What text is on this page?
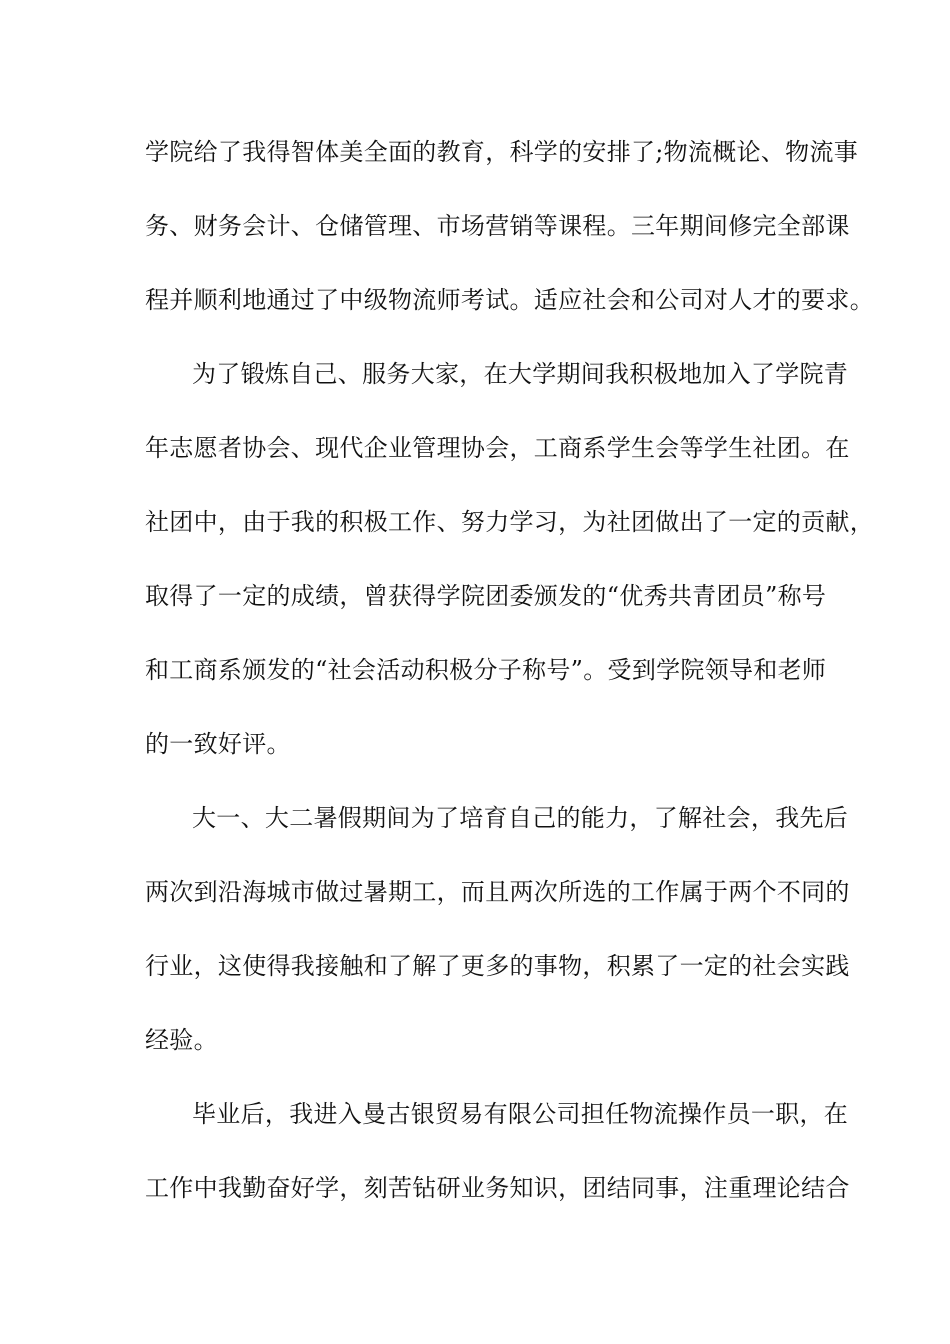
学院给了我得智体美全面的教育，科学的安排了;物流概论、物流事
务、财务会计、仓储管理、市场营销等课程。三年期间修完全部课
程并顺利地通过了中级物流师考试。适应社会和公司对人才的要求。
为了锻炼自己、服务大家，在大学期间我积极地加入了学院青
年志愿者协会、现代企业管理协会，工商系学生会等学生社团。在
社团中，由于我的积极工作、努力学习，为社团做出了一定的贡献，
取得了一定的成绩，曾获得学院团委颁发的“优秀共青团员”称号
和工商系颁发的“社会活动积极分子称号”。受到学院领导和老师
的一致好评。
大一、大二暑假期间为了培育自己的能力，了解社会，我先后
两次到沿海城市做过暑期工，而且两次所选的工作属于两个不同的
行业，这使得我接触和了解了更多的事物，积累了一定的社会实践
经验。
毕业后，我进入曼古银贸易有限公司担任物流操作员一职，在
工作中我勤奋好学，刻苦钻研业务知识，团结同事，注重理论结合
